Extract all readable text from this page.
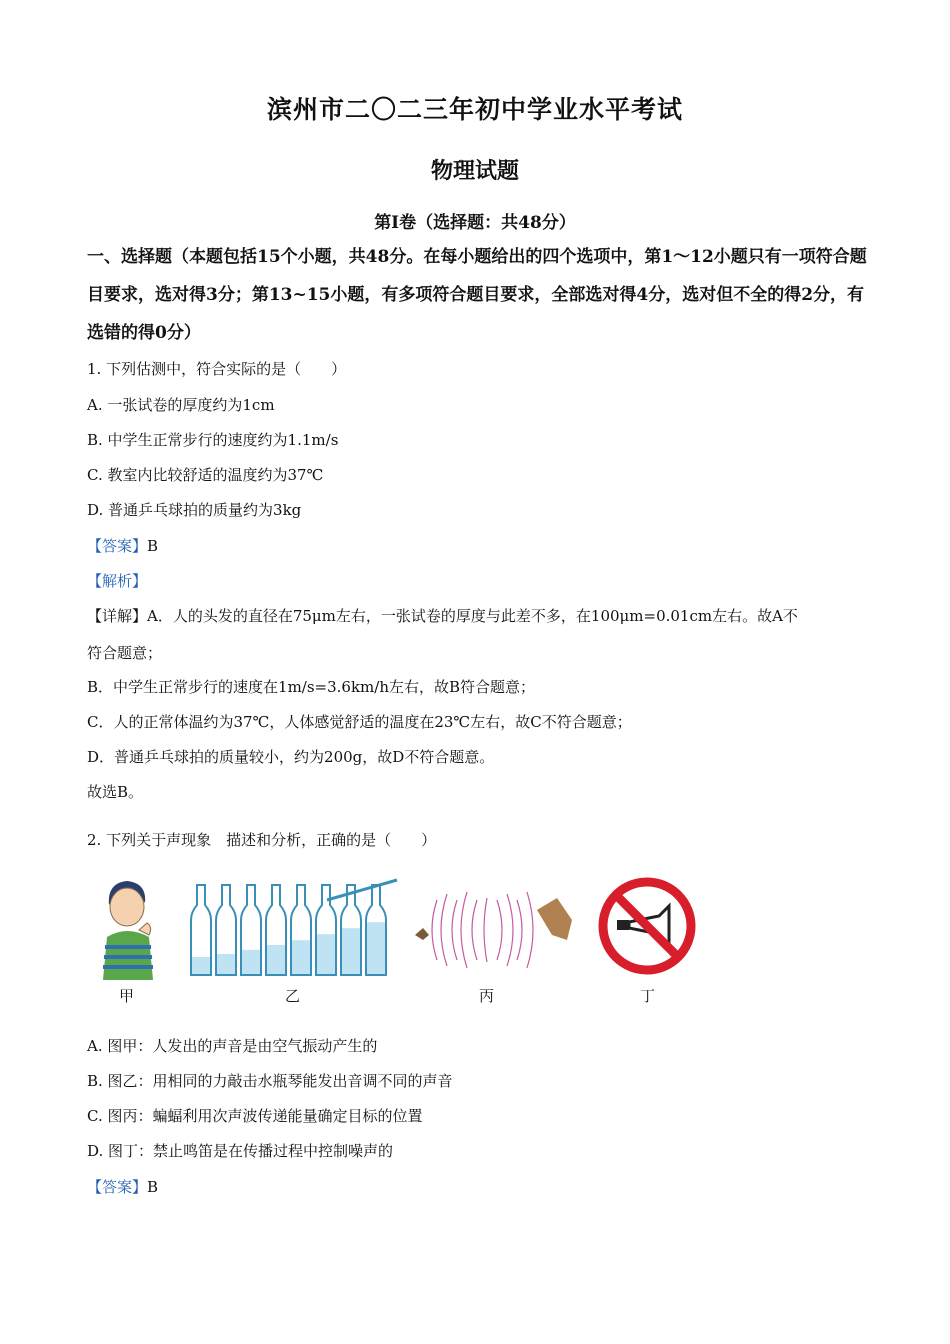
滨州市二〇二三年初中学业水平考试
物理试题
第I卷（选择题：共48分）
一、选择题（本题包括15个小题，共48分。在每小题给出的四个选项中，第1～12小题只有一项符合题目要求，选对得3分；第13~15小题，有多项符合题目要求，全部选对得4分，选对但不全的得2分，有选错的得0分）
1. 下列估测中，符合实际的是（　　）
A. 一张试卷的厚度约为1cm
B. 中学生正常步行的速度约为1.1m/s
C. 教室内比较舒适的温度约为37℃
D. 普通乒乓球拍的质量约为3kg
【答案】B
【解析】
【详解】A．人的头发的直径在75μm左右，一张试卷的厚度与此差不多，在100μm=0.01cm左右。故A不
符合题意；
B．中学生正常步行的速度在1m/s=3.6km/h左右，故B符合题意；
C．人的正常体温约为37℃，人体感觉舒适的温度在23℃左右，故C不符合题意；
D．普通乒乓球拍的质量较小，约为200g，故D不符合题意。
故选B。
2. 下列关于声现象　描述和分析，正确的是（　　）
甲	乙	丙	丁
A. 图甲：人发出的声音是由空气振动产生的
B. 图乙：用相同的力敲击水瓶琴能发出音调不同的声音
C. 图丙：蝙蝠利用次声波传递能量确定目标的位置
D. 图丁：禁止鸣笛是在传播过程中控制噪声的
【答案】B
